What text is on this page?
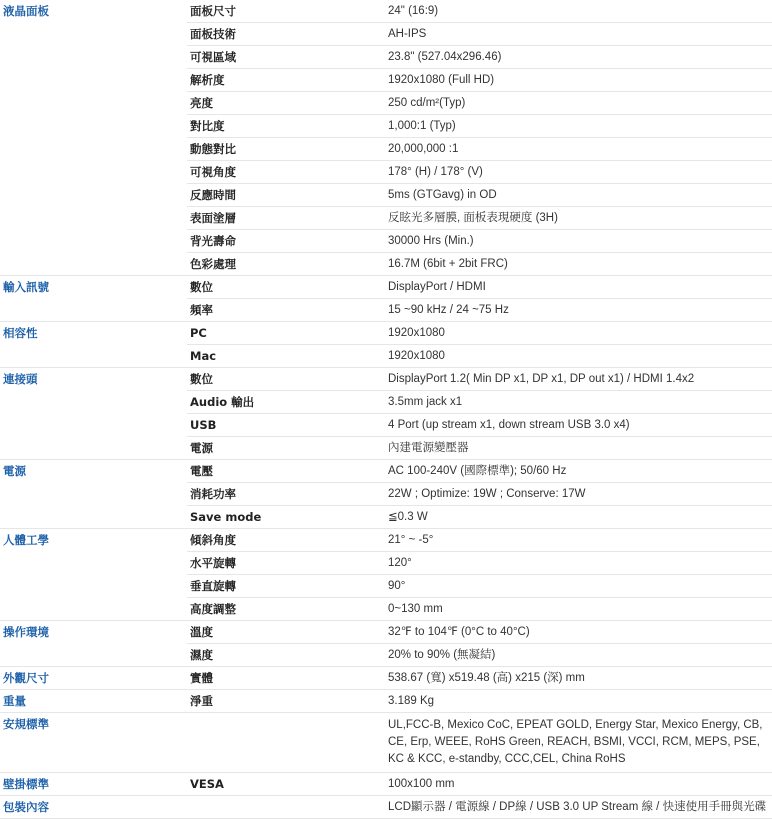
液晶面板	面板尺寸	24" (16:9)
	面板技術	AH-IPS
	可視區域	23.8" (527.04x296.46)
	解析度	1920x1080 (Full HD)
	亮度	250 cd/m²(Typ)
	對比度	1,000:1 (Typ)
	動態對比	20,000,000 :1
	可視角度	178° (H) / 178° (V)
	反應時間	5ms (GTGavg) in OD
	表面塗層	反眩光多層膜, 面板表現硬度 (3H)
	背光壽命	30000 Hrs (Min.)
	色彩處理	16.7M (6bit + 2bit FRC)
輸入訊號	數位	DisplayPort / HDMI
	頻率	15 ~90 kHz / 24 ~75 Hz
相容性	PC	1920x1080
	Mac	1920x1080
連接頭	數位	DisplayPort 1.2( Min DP x1, DP x1, DP out x1) / HDMI 1.4x2
	Audio 輸出	3.5mm jack x1
	USB	4 Port (up stream x1, down stream USB 3.0 x4)
	電源	內建電源變壓器
電源	電壓	AC 100-240V (國際標準); 50/60 Hz
	消耗功率	22W ; Optimize: 19W ; Conserve: 17W
	Save mode	≦0.3 W
人體工學	傾斜角度	21° ~ -5°
	水平旋轉	120°
	垂直旋轉	90°
	高度調整	0~130 mm
操作環境	溫度	32℉ to 104℉ (0°C to 40°C)
	濕度	20% to 90% (無凝結)
外觀尺寸	實體	538.67 (寬) x519.48 (高) x215 (深) mm
重量	淨重	3.189 Kg
安規標準		UL,FCC-B, Mexico CoC, EPEAT GOLD, Energy Star, Mexico Energy, CB, CE, Erp, WEEE, RoHS Green, REACH, BSMI, VCCI, RCM, MEPS, PSE, KC & KCC, e-standby, CCC,CEL, China RoHS
壁掛標準	VESA	100x100 mm
包裝內容		LCD顯示器 / 電源線 / DP線 / USB 3.0 UP Stream 線 / 快速使用手冊與光碟
